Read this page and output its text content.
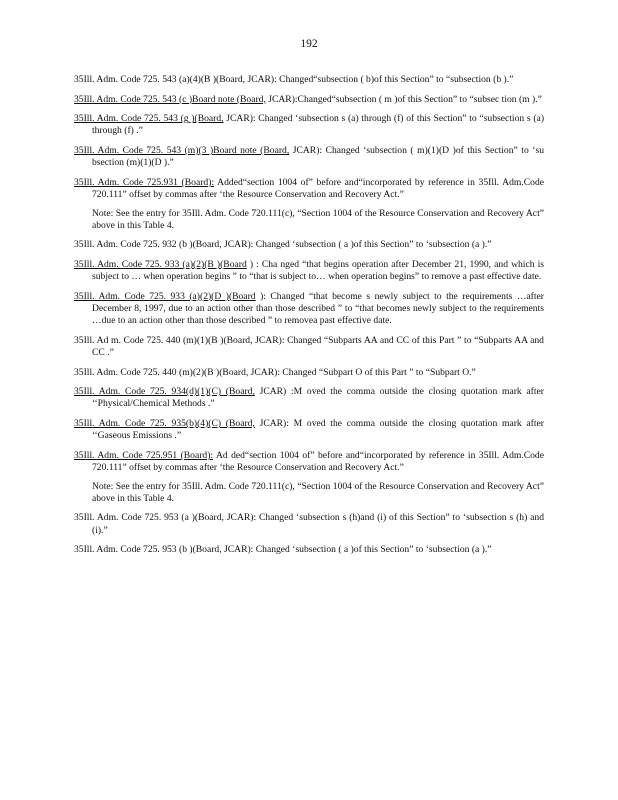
192

35Ill. Adm. Code 725. 543 (a)(4)(B )(Board, JCAR): Changed“subsection ( b)of this Section” to “subsection (b ).”

35Ill. Adm. Code 725. 543 (c )Board note (Board, JCAR):Changed“subsection ( m )of this Section” to “subsec tion (m ).”

35Ill. Adm. Code 725. 543 (g )(Board, JCAR): Changed ‘subsection s (a) through (f) of this Section” to “subsection s (a) through (f) .”

35Ill. Adm. Code 725. 543 (m)(3 )Board note (Board, JCAR): Changed ‘subsection ( m)(1)(D )of this Section” to ‘su bsection (m)(1)(D ).”

35Ill. Adm. Code 725.931 (Board): Added“section 1004 of” before and“incorporated by reference in 35Ill. Adm.Code 720.111” offset by commas after ‘the Resource Conservation and Recovery Act.”

Note: See the entry for 35Ill. Adm. Code 720.111(c), “Section 1004 of the Resource Conservation and Recovery Act” above in this Table 4.

35Ill. Adm. Code 725. 932 (b )(Board, JCAR): Changed ‘subsection ( a )of this Section” to ‘subsection (a ).”

35Ill. Adm. Code 725. 933 (a)(2)(B )(Board ) : Cha nged “that begins operation after December 21, 1990, and which is subject to … when operation begins ” to “that is subject to… when operation begins” to remove a past effective date.

35Ill. Adm. Code 725. 933 (a)(2)(D )(Board ): Changed “that become s newly subject to the requirements …after December 8, 1997, due to an action other than those described ” to “that becomes newly subject to the requirements …due to an action other than those described ” to removea past effective date.

35Ill. Ad m. Code 725. 440 (m)(1)(B )(Board, JCAR): Changed “Subparts AA and CC of this Part ” to “Subparts AA and CC .”

35Ill. Adm. Code 725. 440 (m)(2)(B )(Board, JCAR): Changed “Subpart O of this Part ” to “Subpart O.”

35Ill. Adm. Code 725. 934(d)(1)(C) (Board, JCAR) :M oved the comma outside the closing quotation mark after ‘‘Physical/Chemical Methods .”

35Ill. Adm. Code 725. 935(b)(4)(C) (Board, JCAR): M oved the comma outside the closing quotation mark after ‘‘Gaseous Emissions .”

35Ill. Adm. Code 725.951 (Board): Ad ded“section 1004 of” before and“incorporated by reference in 35Ill. Adm.Code 720.111” offset by commas after ‘the Resource Conservation and Recovery Act.”

Note: See the entry for 35Ill. Adm. Code 720.111(c), “Section 1004 of the Resource Conservation and Recovery Act” above in this Table 4.

35Ill. Adm. Code 725. 953 (a )(Board, JCAR): Changed ‘subsection s (h)and (i) of this Section” to ‘subsection s (h) and (i).”

35Ill. Adm. Code 725. 953 (b )(Board, JCAR): Changed ‘subsection ( a )of this Section” to ‘subsection (a ).”
